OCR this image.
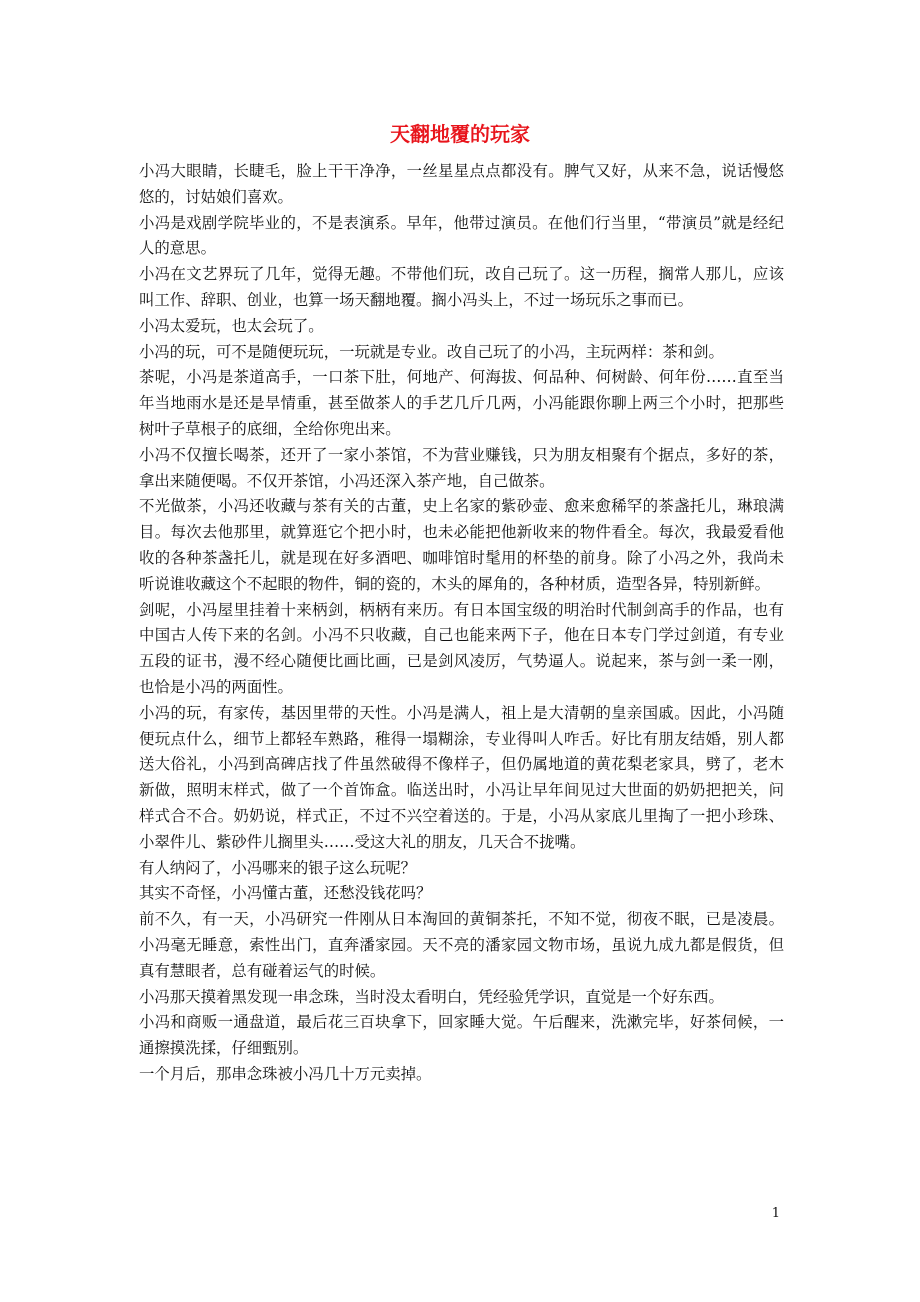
天翻地覆的玩家

小冯大眼睛，长睫毛，脸上干干净净，一丝星星点点都没有。脾气又好，从来不急，说话慢悠悠的，讨姑娘们喜欢。

小冯是戏剧学院毕业的，不是表演系。早年，他带过演员。在他们行当里，“带演员”就是经纪人的意思。

小冯在文艺界玩了几年，觉得无趣。不带他们玩，改自己玩了。这一历程，搁常人那儿，应该叫工作、辞职、创业，也算一场天翻地覆。搁小冯头上，不过一场玩乐之事而已。

小冯太爱玩，也太会玩了。

小冯的玩，可不是随便玩玩，一玩就是专业。改自己玩了的小冯，主玩两样：茶和剑。

茶呢，小冯是茶道高手，一口茶下肚，何地产、何海拔、何品种、何树龄、何年份……直至当年当地雨水是还是旱情重，甚至做茶人的手艺几斤几两，小冯能跟你聊上两三个小时，把那些树叶子草根子的底细，全给你兜出来。

小冯不仅擅长喝茶，还开了一家小茶馆，不为营业赚钱，只为朋友相聚有个据点，多好的茶，拿出来随便喝。不仅开茶馆，小冯还深入茶产地，自己做茶。

不光做茶，小冯还收藏与茶有关的古董，史上名家的紫砂壶、愈来愈稀罕的茶盏托儿，琳琅满目。每次去他那里，就算逛它个把小时，也未必能把他新收来的物件看全。每次，我最爱看他收的各种茶盏托儿，就是现在好多酒吧、咖啡馆时髦用的杯垫的前身。除了小冯之外，我尚未听说谁收藏这个不起眼的物件，铜的瓷的，木头的犀角的，各种材质，造型各异，特别新鲜。

剑呢，小冯屋里挂着十来柄剑，柄柄有来历。有日本国宝级的明治时代制剑高手的作品，也有中国古人传下来的名剑。小冯不只收藏，自己也能来两下子，他在日本专门学过剑道，有专业五段的证书，漫不经心随便比画比画，已是剑风凌厉，气势逼人。说起来，茶与剑一柔一刚，也恰是小冯的两面性。

小冯的玩，有家传，基因里带的天性。小冯是满人，祖上是大清朝的皇亲国戚。因此，小冯随便玩点什么，细节上都轻车熟路，稚得一塌糊涂，专业得叫人咋舌。好比有朋友结婚，别人都送大俗礼，小冯到高碑店找了件虽然破得不像样子，但仍属地道的黄花梨老家具，劈了，老木新做，照明末样式，做了一个首饰盒。临送出时，小冯让早年间见过大世面的奶奶把把关，问样式合不合。奶奶说，样式正，不过不兴空着送的。于是，小冯从家底儿里掏了一把小珍珠、小翠件儿、紫砂件儿搁里头……受这大礼的朋友，几天合不拢嘴。

有人纳闷了，小冯哪来的银子这么玩呢？

其实不奇怪，小冯懂古董，还愁没钱花吗？

前不久，有一天，小冯研究一件刚从日本淘回的黄铜茶托，不知不觉，彻夜不眠，已是凌晨。小冯毫无睡意，索性出门，直奔潘家园。天不亮的潘家园文物市场，虽说九成九都是假货，但真有慧眼者，总有碰着运气的时候。

小冯那天摸着黑发现一串念珠，当时没太看明白，凭经验凭学识，直觉是一个好东西。

小冯和商贩一通盘道，最后花三百块拿下，回家睡大觉。午后醒来，洗漱完毕，好茶伺候，一通擦摸洗揉，仔细甄别。

一个月后，那串念珠被小冯几十万元卖掉。

1
